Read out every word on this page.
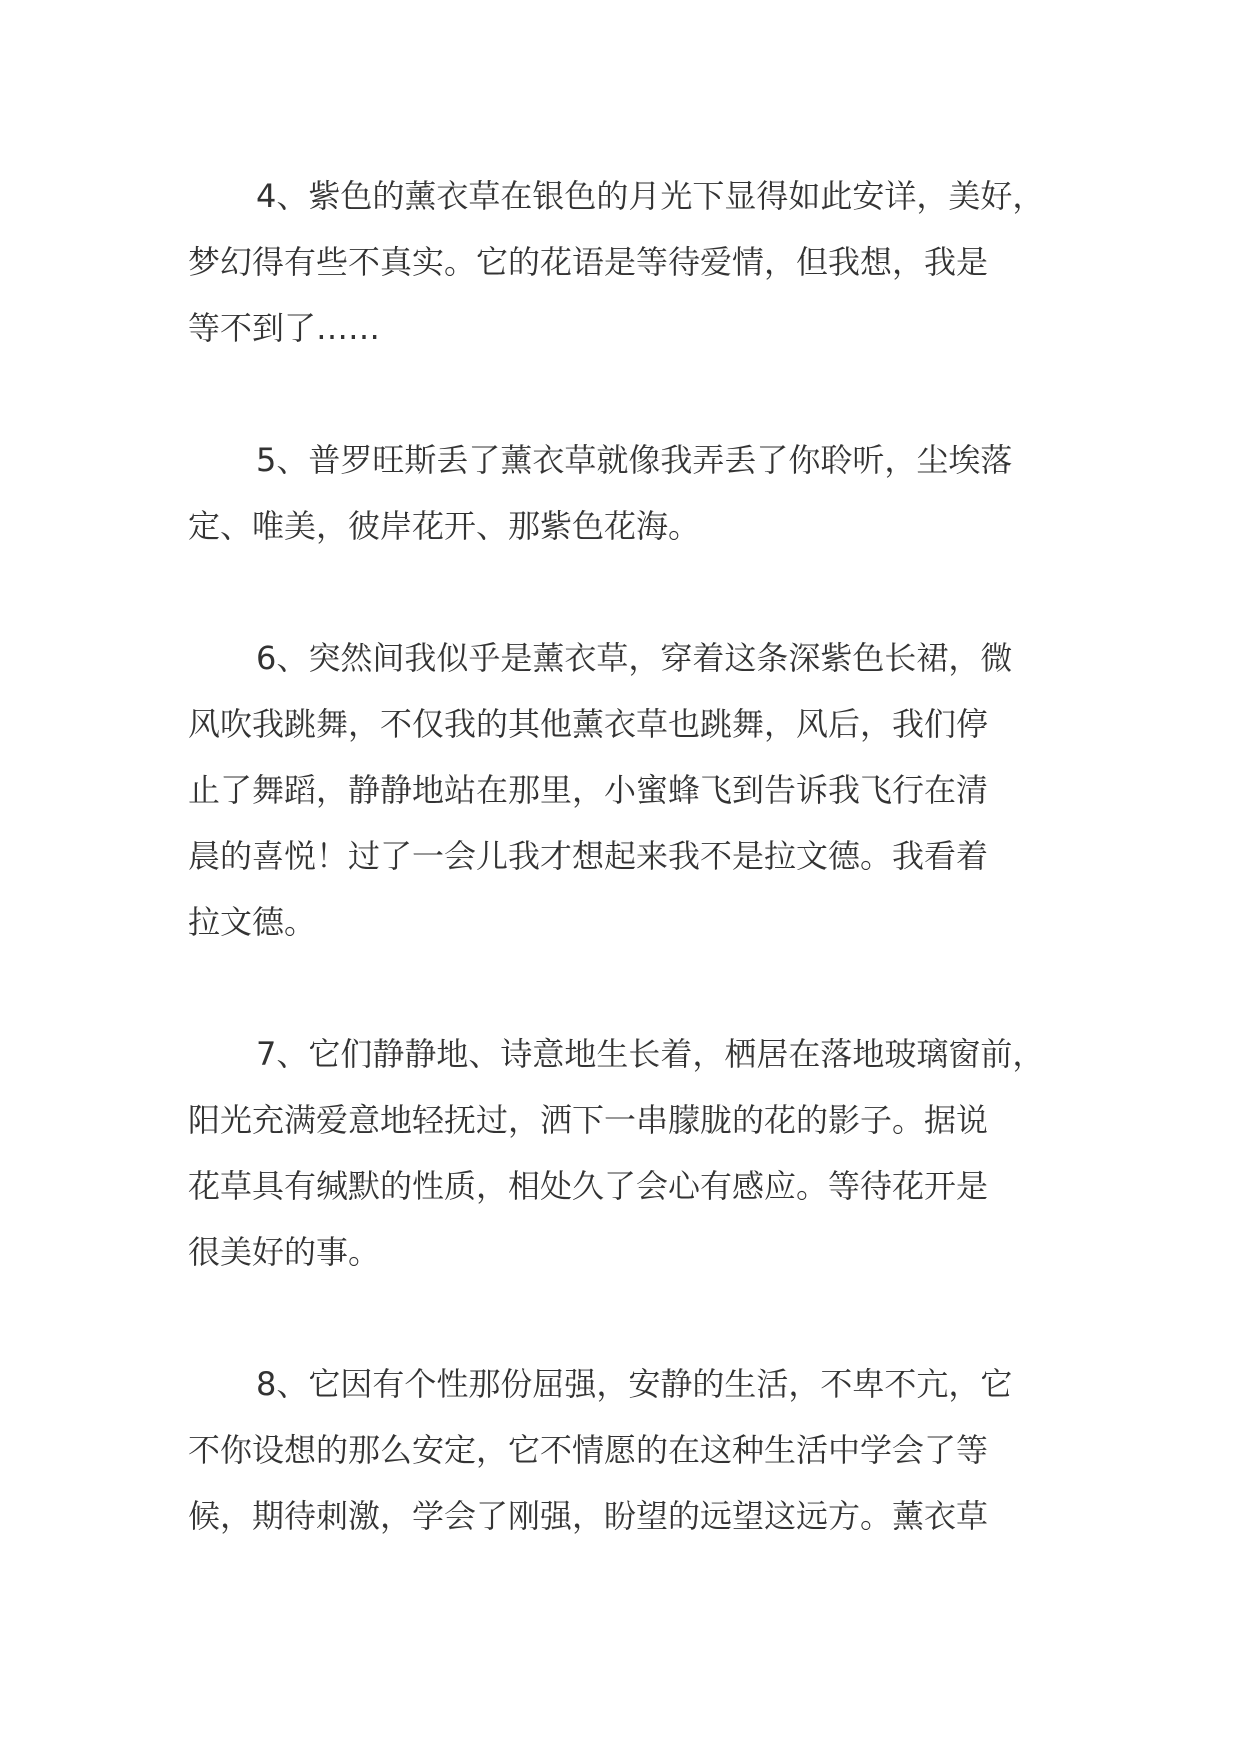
4、紫色的薰衣草在银色的月光下显得如此安详，美好，
梦幻得有些不真实。它的花语是等待爱情，但我想，我是
等不到了……
5、普罗旺斯丢了薰衣草就像我弄丢了你聆听，尘埃落
定、唯美，彼岸花开、那紫色花海。
6、突然间我似乎是薰衣草，穿着这条深紫色长裙，微
风吹我跳舞，不仅我的其他薰衣草也跳舞，风后，我们停
止了舞蹈，静静地站在那里，小蜜蜂飞到告诉我飞行在清
晨的喜悦！过了一会儿我才想起来我不是拉文德。我看着
拉文德。
7、它们静静地、诗意地生长着，栖居在落地玻璃窗前，
阳光充满爱意地轻抚过，洒下一串朦胧的花的影子。据说
花草具有缄默的性质，相处久了会心有感应。等待花开是
很美好的事。
8、它因有个性那份屈强，安静的生活，不卑不亢，它
不你设想的那么安定，它不情愿的在这种生活中学会了等
候，期待刺激，学会了刚强，盼望的远望这远方。薰衣草
